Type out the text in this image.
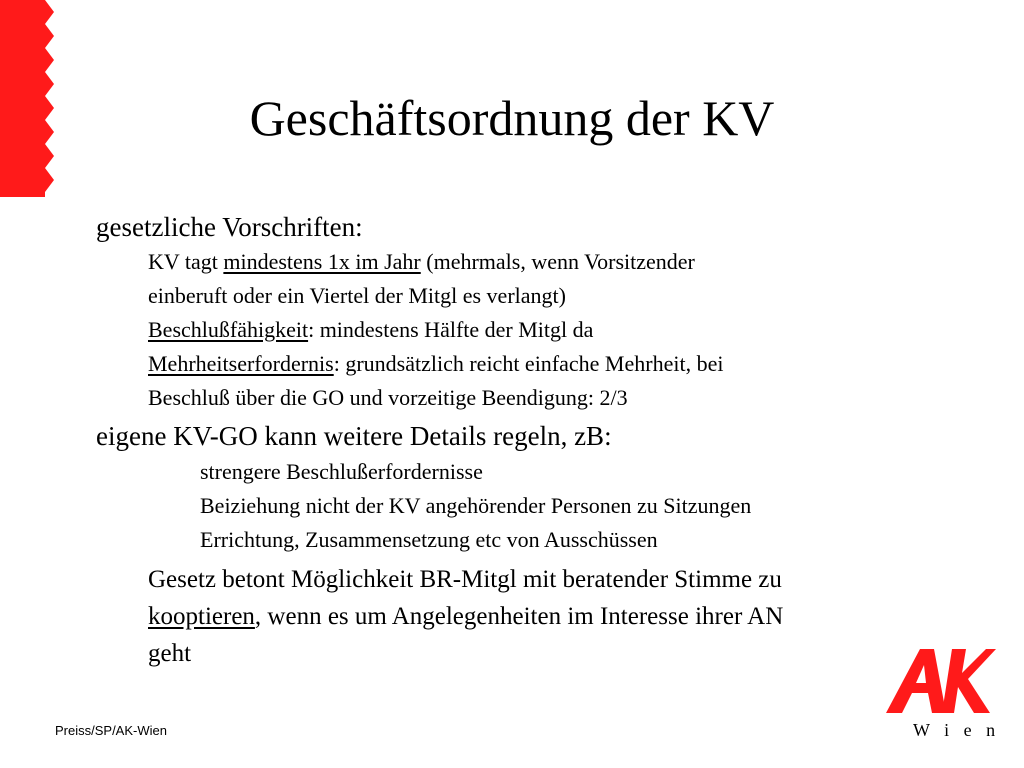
Geschäftsordnung der KV
gesetzliche Vorschriften:
KV tagt mindestens 1x im Jahr (mehrmals, wenn Vorsitzender
einberuft oder ein Viertel der Mitgl es verlangt)
Beschlußfähigkeit: mindestens Hälfte der Mitgl da
Mehrheitserfordernis: grundsätzlich reicht einfache Mehrheit, bei
Beschluß über die GO und vorzeitige Beendigung: 2/3
eigene KV-GO kann weitere Details regeln, zB:
strengere Beschlußerfordernisse
Beiziehung nicht der KV angehörender Personen zu Sitzungen
Errichtung, Zusammensetzung etc von Ausschüssen
Gesetz betont Möglichkeit BR-Mitgl mit beratender Stimme zu
kooptieren, wenn es um Angelegenheiten im Interesse ihrer AN
geht
Preiss/SP/AK-Wien	W i e n
